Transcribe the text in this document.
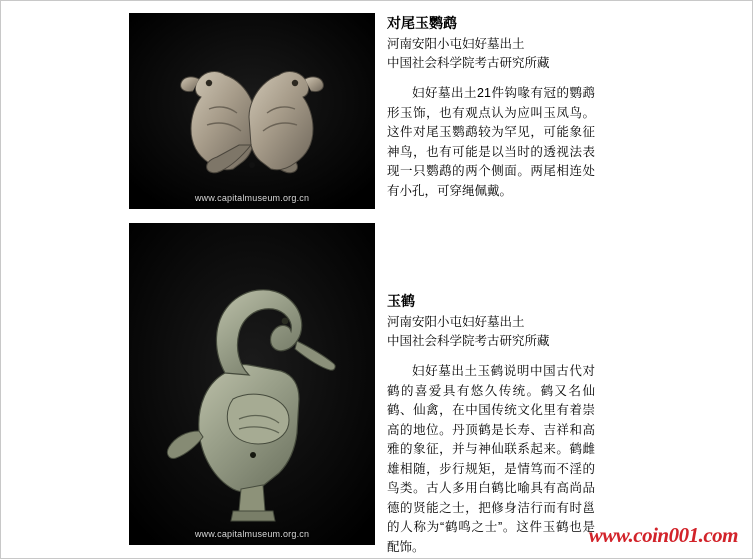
www.capitalmuseum.org.cn
对尾玉鹦鹉
河南安阳小屯妇好墓出土
中国社会科学院考古研究所藏
妇好墓出土21件钩喙有冠的鹦鹉形玉饰，也有观点认为应叫玉凤鸟。这件对尾玉鹦鹉较为罕见，可能象征神鸟，也有可能是以当时的透视法表现一只鹦鹉的两个侧面。两尾相连处有小孔，可穿绳佩戴。
www.capitalmuseum.org.cn
玉鹤
河南安阳小屯妇好墓出土
中国社会科学院考古研究所藏
妇好墓出土玉鹤说明中国古代对鹤的喜爱具有悠久传统。鹤又名仙鹤、仙禽，在中国传统文化里有着崇高的地位。丹顶鹤是长寿、吉祥和高雅的象征，并与神仙联系起来。鹤雌雄相随，步行规矩，是情笃而不淫的鸟类。古人多用白鹤比喻具有高尚品德的贤能之士，把修身洁行而有时邕的人称为“鹤鸣之士”。这件玉鹤也是配饰。	www.coin001.com
